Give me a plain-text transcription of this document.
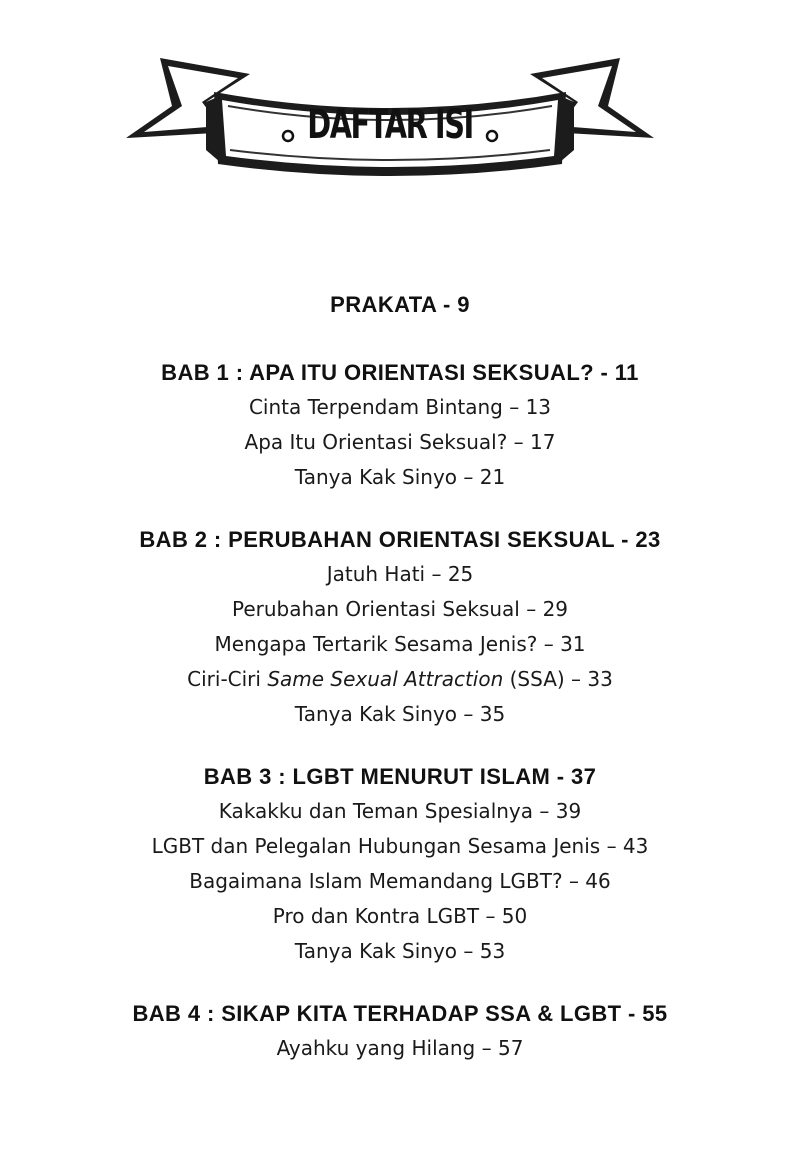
DAFTAR ISI
PRAKATA - 9
BAB 1 : APA ITU ORIENTASI SEKSUAL? - 11
Cinta Terpendam Bintang – 13
Apa Itu Orientasi Seksual? – 17
Tanya Kak Sinyo – 21
BAB 2 : PERUBAHAN ORIENTASI SEKSUAL - 23
Jatuh Hati – 25
Perubahan Orientasi Seksual – 29
Mengapa Tertarik Sesama Jenis? – 31
Ciri-Ciri Same Sexual Attraction (SSA) – 33
Tanya Kak Sinyo – 35
BAB 3 : LGBT MENURUT ISLAM - 37
Kakakku dan Teman Spesialnya – 39
LGBT dan Pelegalan Hubungan Sesama Jenis – 43
Bagaimana Islam Memandang LGBT? – 46
Pro dan Kontra LGBT – 50
Tanya Kak Sinyo – 53
BAB 4 : SIKAP KITA TERHADAP SSA & LGBT - 55
Ayahku yang Hilang – 57
